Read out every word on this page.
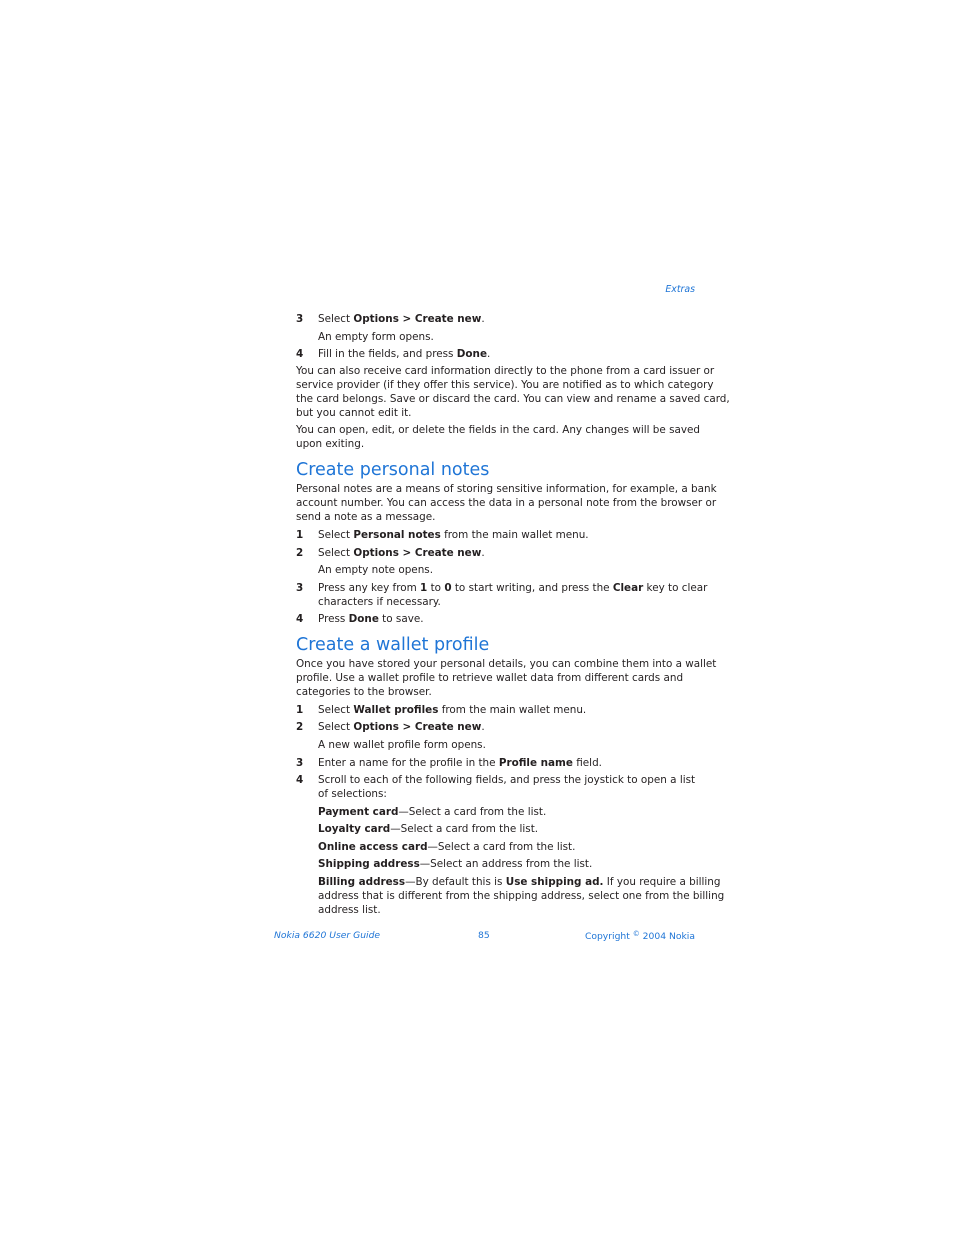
Extras
3 Select Options > Create new.
An empty form opens.
4 Fill in the fields, and press Done.
You can also receive card information directly to the phone from a card issuer or
service provider (if they offer this service). You are notified as to which category
the card belongs. Save or discard the card. You can view and rename a saved card,
but you cannot edit it.
You can open, edit, or delete the fields in the card. Any changes will be saved
upon exiting.
Create personal notes
Personal notes are a means of storing sensitive information, for example, a bank
account number. You can access the data in a personal note from the browser or
send a note as a message.
1 Select Personal notes from the main wallet menu.
2 Select Options > Create new.
An empty note opens.
3 Press any key from 1 to 0 to start writing, and press the Clear key to clear
characters if necessary.
4 Press Done to save.
Create a wallet profile
Once you have stored your personal details, you can combine them into a wallet
profile. Use a wallet profile to retrieve wallet data from different cards and
categories to the browser.
1 Select Wallet profiles from the main wallet menu.
2 Select Options > Create new.
A new wallet profile form opens.
3 Enter a name for the profile in the Profile name field.
4 Scroll to each of the following fields, and press the joystick to open a list
of selections:
Payment card—Select a card from the list.
Loyalty card—Select a card from the list.
Online access card—Select a card from the list.
Shipping address—Select an address from the list.
Billing address—By default this is Use shipping ad. If you require a billing
address that is different from the shipping address, select one from the billing
address list.
Nokia 6620 User Guide	85	Copyright © 2004 Nokia
